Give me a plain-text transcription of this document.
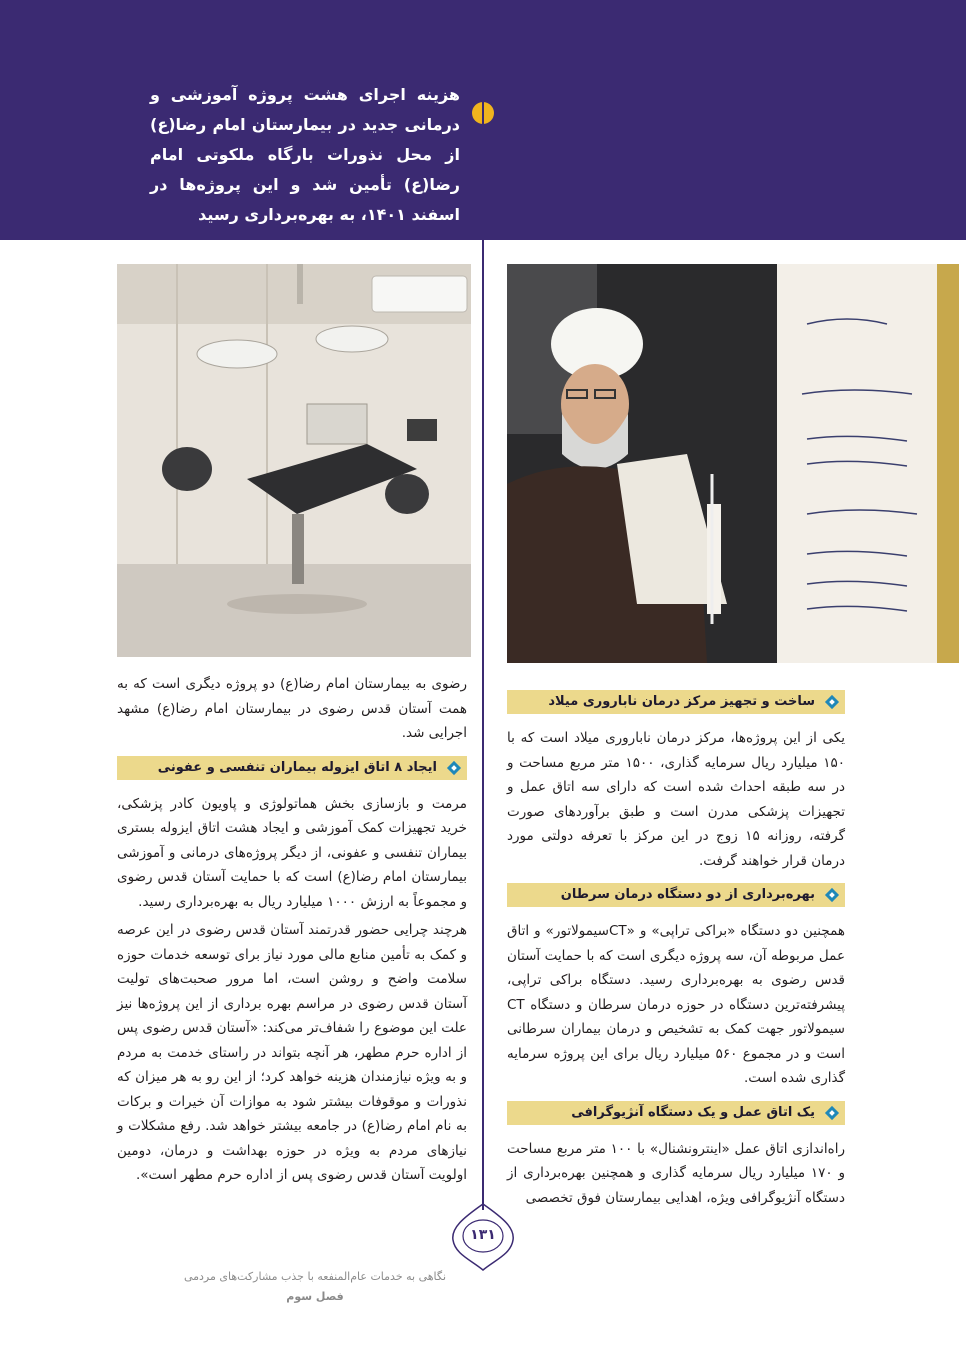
هزینه اجرای هشت پروژه آموزشی و درمانی جدید در بیمارستان امام رضا(ع) از محل نذورات بارگاه ملکوتی امام رضا(ع) تأمین شد و این پروژه‌ها در اسفند ۱۴۰۱، به بهره‌برداری رسید
ساخت و تجهیز مرکز درمان ناباروری میلاد

یکی از این پروژه‌ها، مرکز درمان ناباروری میلاد است که با ۱۵۰ میلیارد ریال سرمایه گذاری، ۱۵۰۰ متر مربع مساحت و در سه طبقه احداث شده است که دارای سه اتاق عمل و تجهیزات پزشکی مدرن است و طبق برآوردهای صورت گرفته، روزانه ۱۵ زوج در این مرکز با تعرفه دولتی مورد درمان قرار خواهند گرفت.

بهره‌برداری از دو دستگاه درمان سرطان

همچنین دو دستگاه «براکی تراپی» و «CTسیمولاتور» و اتاق عمل مربوطه آن، سه پروژه دیگری است که با حمایت آستان قدس رضوی به بهره‌برداری رسید. دستگاه براکی تراپی، پیشرفته‌ترین دستگاه در حوزه درمان سرطان و دستگاه CT سیمولاتور جهت کمک به تشخیص و درمان بیماران سرطانی است و در مجموع ۵۶۰ میلیارد ریال برای این پروژه سرمایه گذاری شده است.

یک اتاق عمل و یک دستگاه آنژیوگرافی

راه‌اندازی اتاق عمل «اینترونشنال» با ۱۰۰ متر مربع مساحت و ۱۷۰ میلیارد ریال سرمایه گذاری و همچنین بهره‌برداری از دستگاه آنژیوگرافی ویژه، اهدایی بیمارستان فوق تخصصی

رضوی به بیمارستان امام رضا(ع) دو پروژه دیگری است که به همت آستان قدس رضوی در بیمارستان امام رضا(ع) مشهد اجرایی شد.

ایجاد ۸ اتاق ایزوله بیماران تنفسی و عفونی

مرمت و بازسازی بخش هماتولوژی و پاویون کادر پزشکی، خرید تجهیزات کمک آموزشی و ایجاد هشت اتاق ایزوله بستری بیماران تنفسی و عفونی، از دیگر پروژه‌های درمانی و آموزشی بیمارستان امام رضا(ع) است که با حمایت آستان قدس رضوی و مجموعاً به ارزش ۱۰۰۰ میلیارد ریال به بهره‌برداری رسید.

هرچند چرایی حضور قدرتمند آستان قدس رضوی در این عرصه و کمک به تأمین منابع مالی مورد نیاز برای توسعه خدمات حوزه سلامت واضح و روشن است، اما مرور صحبت‌های تولیت آستان قدس رضوی در مراسم بهره برداری از این پروژه‌ها نیز علت این موضوع را شفاف‌تر می‌کند: «آستان قدس رضوی پس از اداره حرم مطهر، هر آنچه بتواند در راستای خدمت به مردم و به ویژه نیازمندان هزینه خواهد کرد؛ از این رو به هر میزان که نذورات و موقوفات بیشتر شود به موازات آن خیرات و برکات به نام امام رضا(ع) در جامعه بیشتر خواهد شد. رفع مشکلات و نیازهای مردم به ویژه در حوزه بهداشت و درمان، دومین اولویت آستان قدس رضوی پس از اداره حرم مطهر است».

۱۳۱
نگاهی به خدمات عام‌المنفعه با جذب مشارکت‌های مردمی
فصل سوم
